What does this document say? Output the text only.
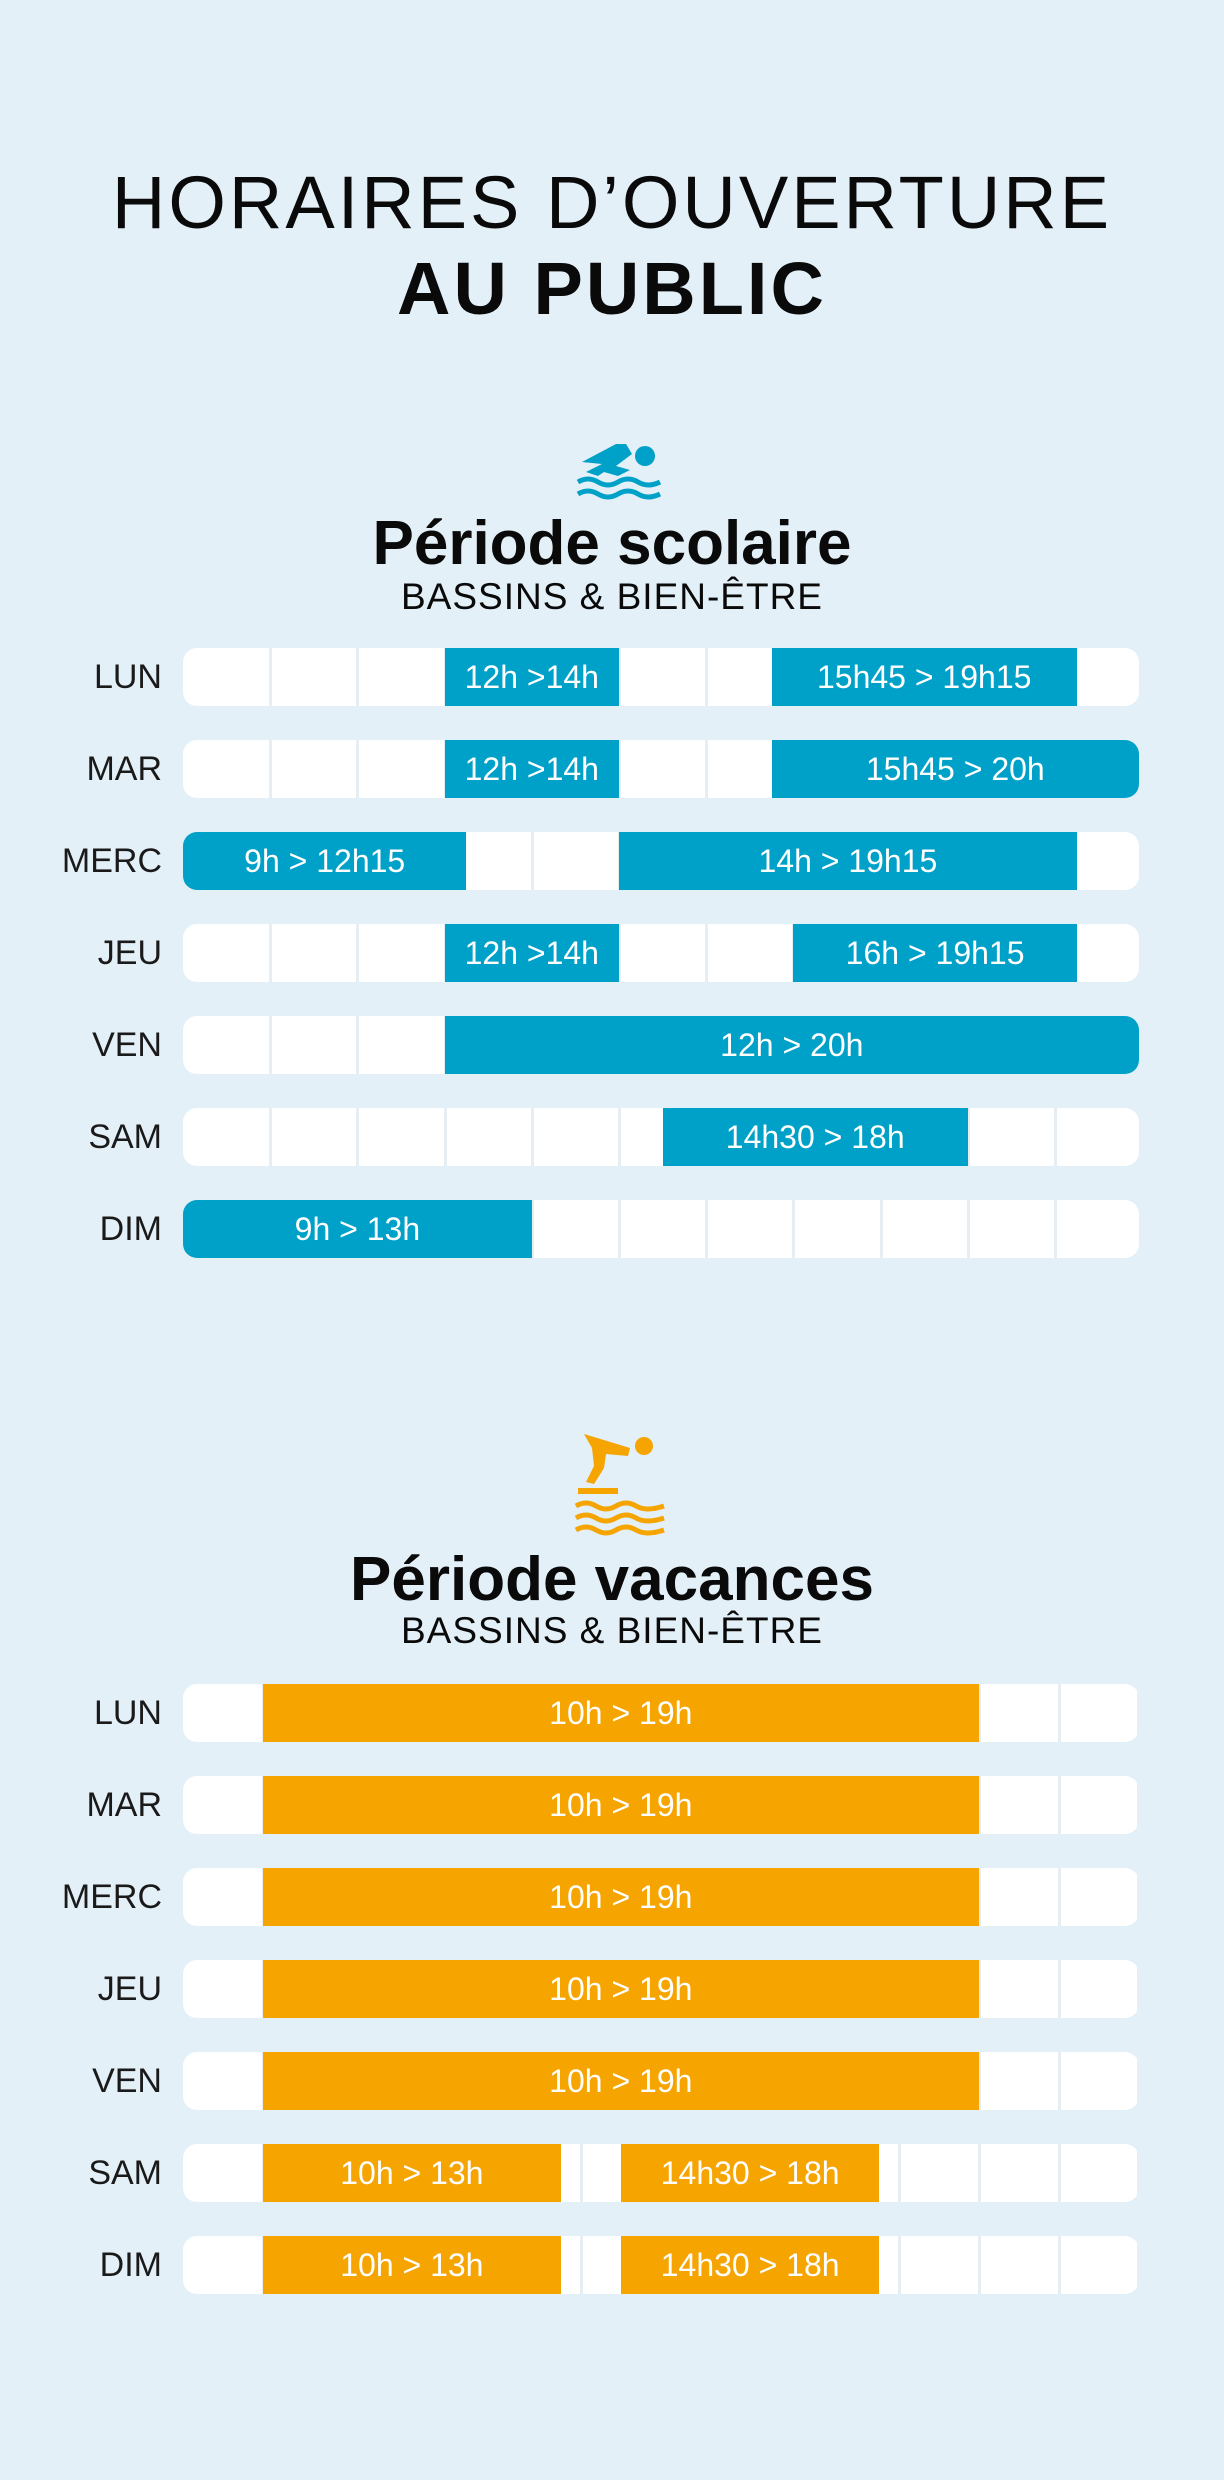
HORAIRES D’OUVERTURE
AU PUBLIC
Période scolaire
BASSINS & BIEN-ÊTRE
LUN	12h >14h	15h45 > 19h15
MAR	12h >14h	15h45 > 20h
MERC	9h > 12h15	14h > 19h15
JEU	12h >14h	16h > 19h15
VEN	12h > 20h
SAM	14h30 > 18h
DIM	9h > 13h
Période vacances
BASSINS & BIEN-ÊTRE
LUN	10h > 19h
MAR	10h > 19h
MERC	10h > 19h
JEU	10h > 19h
VEN	10h > 19h
SAM	10h > 13h	14h30 > 18h
DIM	10h > 13h	14h30 > 18h
